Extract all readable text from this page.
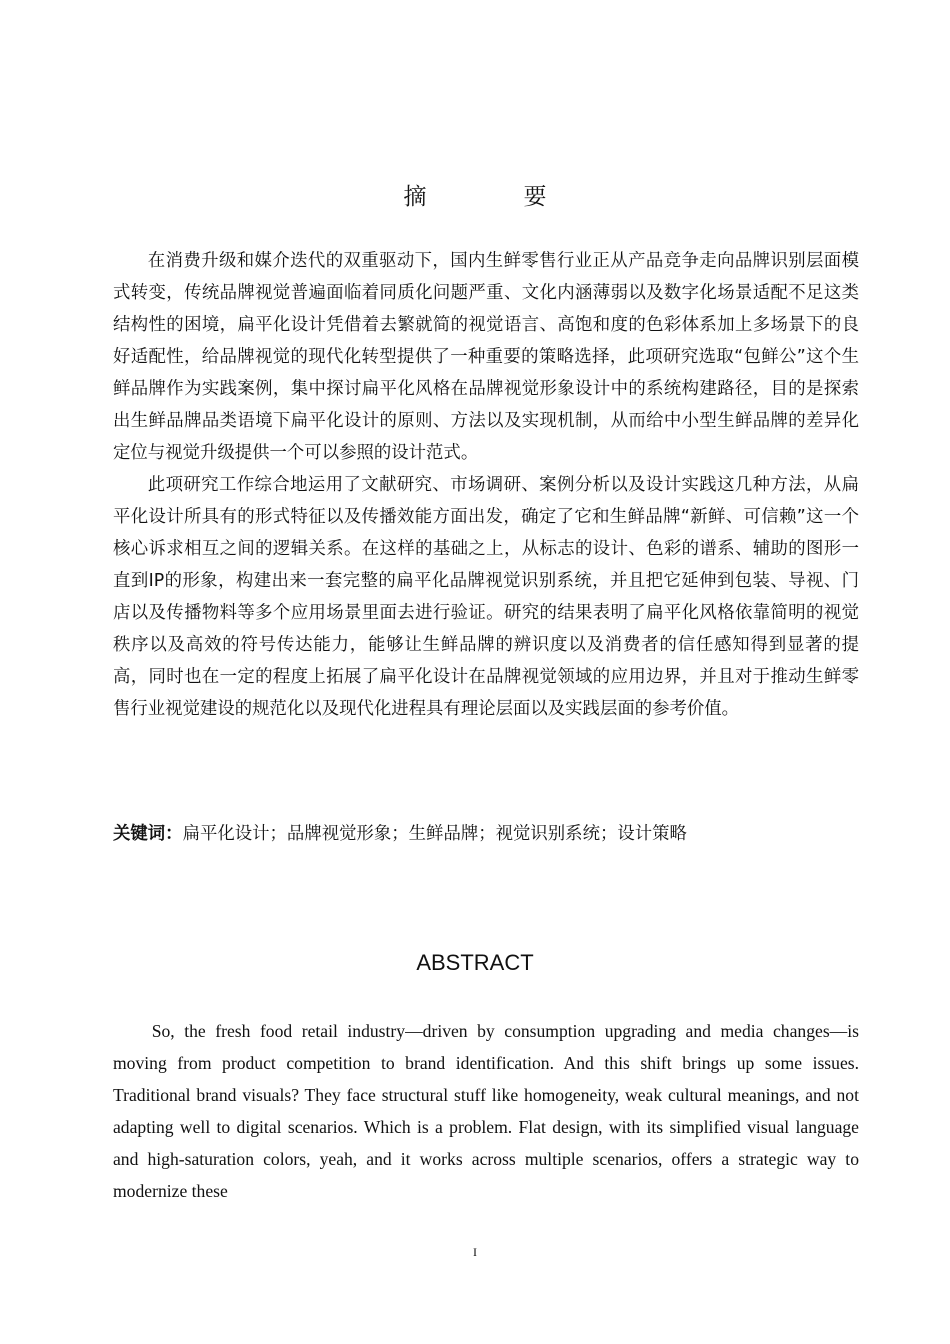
摘	要

在消费升级和媒介迭代的双重驱动下，国内生鲜零售行业正从产品竞争走向品牌识别层面模式转变，传统品牌视觉普遍面临着同质化问题严重、文化内涵薄弱以及数字化场景适配不足这类结构性的困境，扁平化设计凭借着去繁就简的视觉语言、高饱和度的色彩体系加上多场景下的良好适配性，给品牌视觉的现代化转型提供了一种重要的策略选择，此项研究选取“包鲜公”这个生鲜品牌作为实践案例，集中探讨扁平化风格在品牌视觉形象设计中的系统构建路径，目的是探索出生鲜品牌品类语境下扁平化设计的原则、方法以及实现机制，从而给中小型生鲜品牌的差异化定位与视觉升级提供一个可以参照的设计范式。

此项研究工作综合地运用了文献研究、市场调研、案例分析以及设计实践这几种方法，从扁平化设计所具有的形式特征以及传播效能方面出发，确定了它和生鲜品牌“新鲜、可信赖”这一个核心诉求相互之间的逻辑关系。在这样的基础之上，从标志的设计、色彩的谱系、辅助的图形一直到IP的形象，构建出来一套完整的扁平化品牌视觉识别系统，并且把它延伸到包装、导视、门店以及传播物料等多个应用场景里面去进行验证。研究的结果表明了扁平化风格依靠简明的视觉秩序以及高效的符号传达能力，能够让生鲜品牌的辨识度以及消费者的信任感知得到显著的提高，同时也在一定的程度上拓展了扁平化设计在品牌视觉领域的应用边界，并且对于推动生鲜零售行业视觉建设的规范化以及现代化进程具有理论层面以及实践层面的参考价值。

关键词：扁平化设计；品牌视觉形象；生鲜品牌；视觉识别系统；设计策略
ABSTRACT

So, the fresh food retail industry—driven by consumption upgrading and media changes—is moving from product competition to brand identification. And this shift brings up some issues. Traditional brand visuals? They face structural stuff like homogeneity, weak cultural meanings, and not adapting well to digital scenarios. Which is a problem. Flat design, with its simplified visual language and high-saturation colors, yeah, and it works across multiple scenarios, offers a strategic way to modernize these

I
